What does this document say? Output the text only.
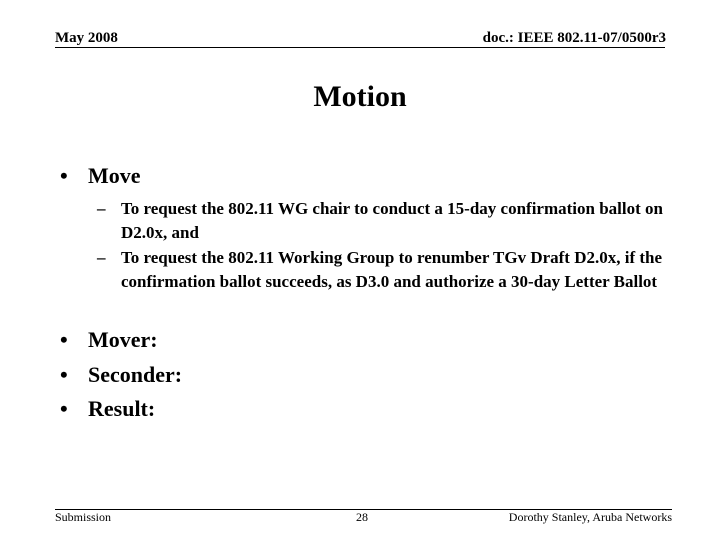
May 2008	doc.: IEEE 802.11-07/0500r3
Motion
• Move
– To request the 802.11 WG chair to conduct a 15-day confirmation ballot on D2.0x, and
– To request the 802.11 Working Group to renumber TGv Draft D2.0x, if the confirmation ballot succeeds, as D3.0 and authorize a 30-day Letter Ballot
• Mover:
• Seconder:
• Result:
Submission	28	Dorothy Stanley, Aruba Networks
